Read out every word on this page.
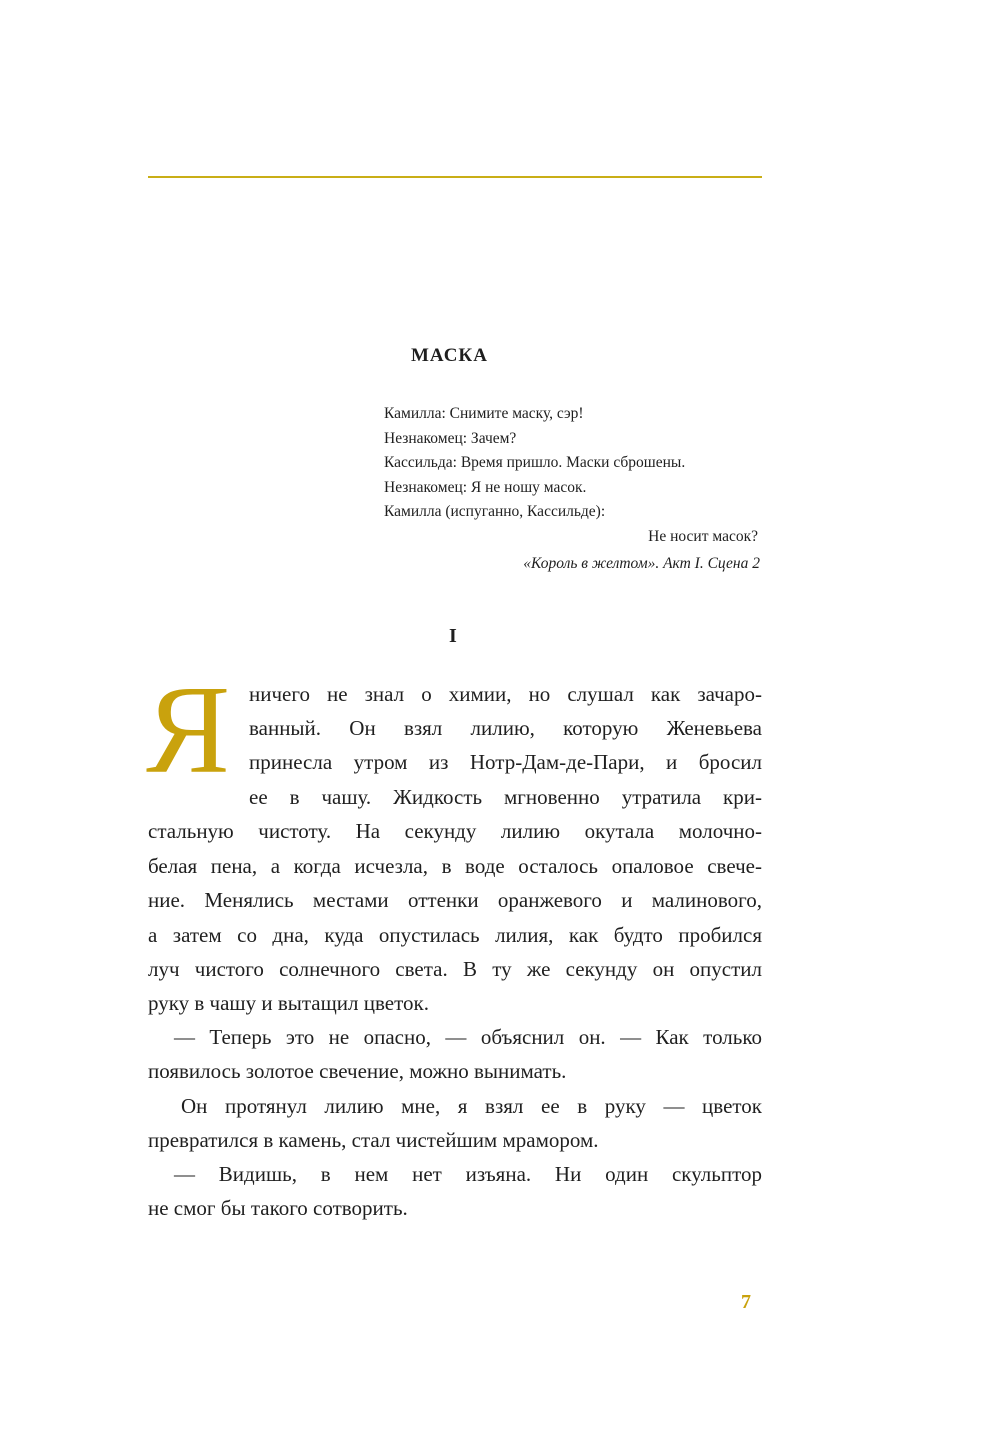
МАСКА
Камилла: Снимите маску, сэр!
Незнакомец: Зачем?
Кассильда: Время пришло. Маски сброшены.
Незнакомец: Я не ношу масок.
Камилла (испуганно, Кассильде):
Не носит масок?
«Король в желтом». Акт I. Сцена 2
I
Я ничего не знал о химии, но слушал как зачаро-
ванный. Он взял лилию, которую Женевьева
принесла утром из Нотр-Дам-де-Пари, и бросил
ее в чашу. Жидкость мгновенно утратила кри-
стальную чистоту. На секунду лилию окутала молочно-
белая пена, а когда исчезла, в воде осталось опаловое свече-
ние. Менялись местами оттенки оранжевого и малинового,
а затем со дна, куда опустилась лилия, как будто пробился
луч чистого солнечного света. В ту же секунду он опустил
руку в чашу и вытащил цветок.
— Теперь это не опасно, — объяснил он. — Как только
появилось золотое свечение, можно вынимать.
Он протянул лилию мне, я взял ее в руку — цветок
превратился в камень, стал чистейшим мрамором.
— Видишь, в нем нет изъяна. Ни один скульптор
не смог бы такого сотворить.
7
